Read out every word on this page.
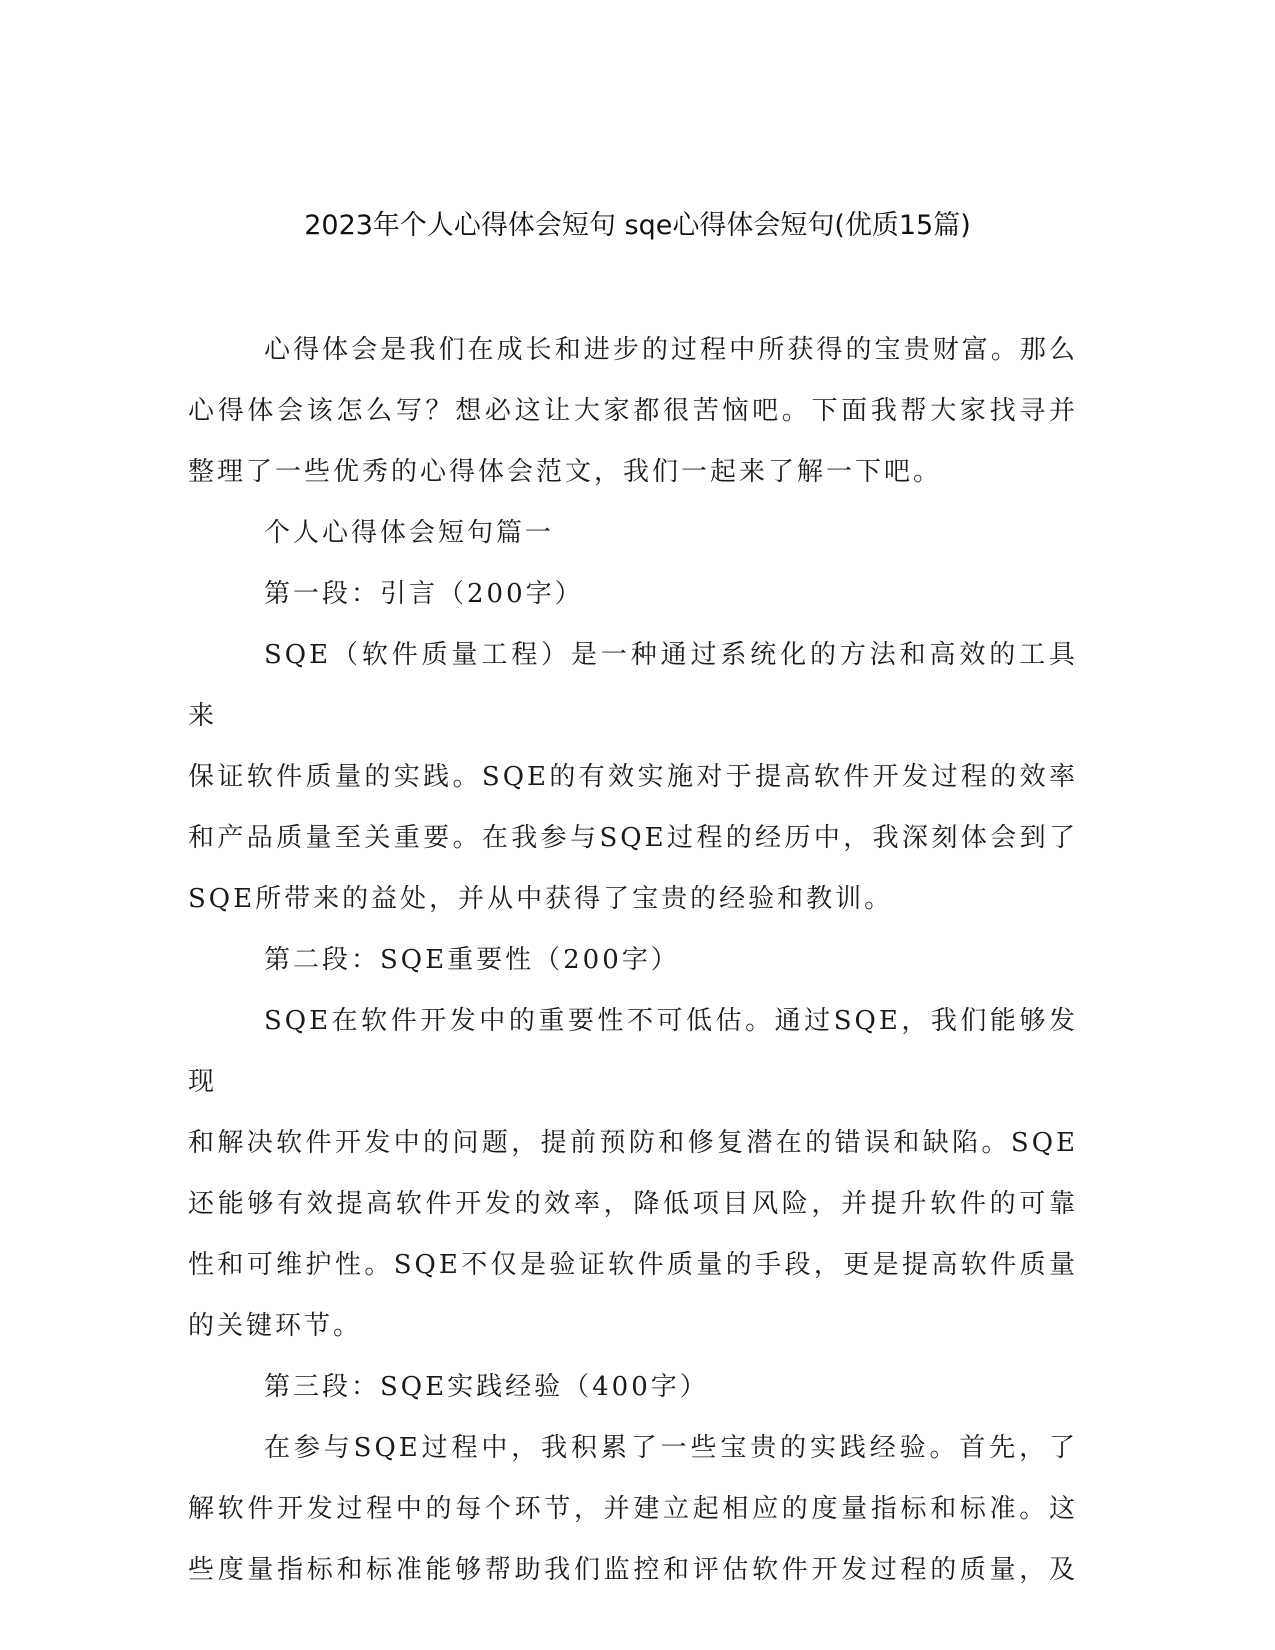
2023年个人心得体会短句 sqe心得体会短句(优质15篇)

心得体会是我们在成长和进步的过程中所获得的宝贵财富。那么

心得体会该怎么写？想必这让大家都很苦恼吧。下面我帮大家找寻并

整理了一些优秀的心得体会范文，我们一起来了解一下吧。

个人心得体会短句篇一

第一段：引言（200字）

SQE（软件质量工程）是一种通过系统化的方法和高效的工具来

保证软件质量的实践。SQE的有效实施对于提高软件开发过程的效率

和产品质量至关重要。在我参与SQE过程的经历中，我深刻体会到了

SQE所带来的益处，并从中获得了宝贵的经验和教训。

第二段：SQE重要性（200字）

SQE在软件开发中的重要性不可低估。通过SQE，我们能够发现

和解决软件开发中的问题，提前预防和修复潜在的错误和缺陷。SQE

还能够有效提高软件开发的效率，降低项目风险，并提升软件的可靠

性和可维护性。SQE不仅是验证软件质量的手段，更是提高软件质量

的关键环节。

第三段：SQE实践经验（400字）

在参与SQE过程中，我积累了一些宝贵的实践经验。首先，了

解软件开发过程中的每个环节，并建立起相应的度量指标和标准。这

些度量指标和标准能够帮助我们监控和评估软件开发过程的质量，及
